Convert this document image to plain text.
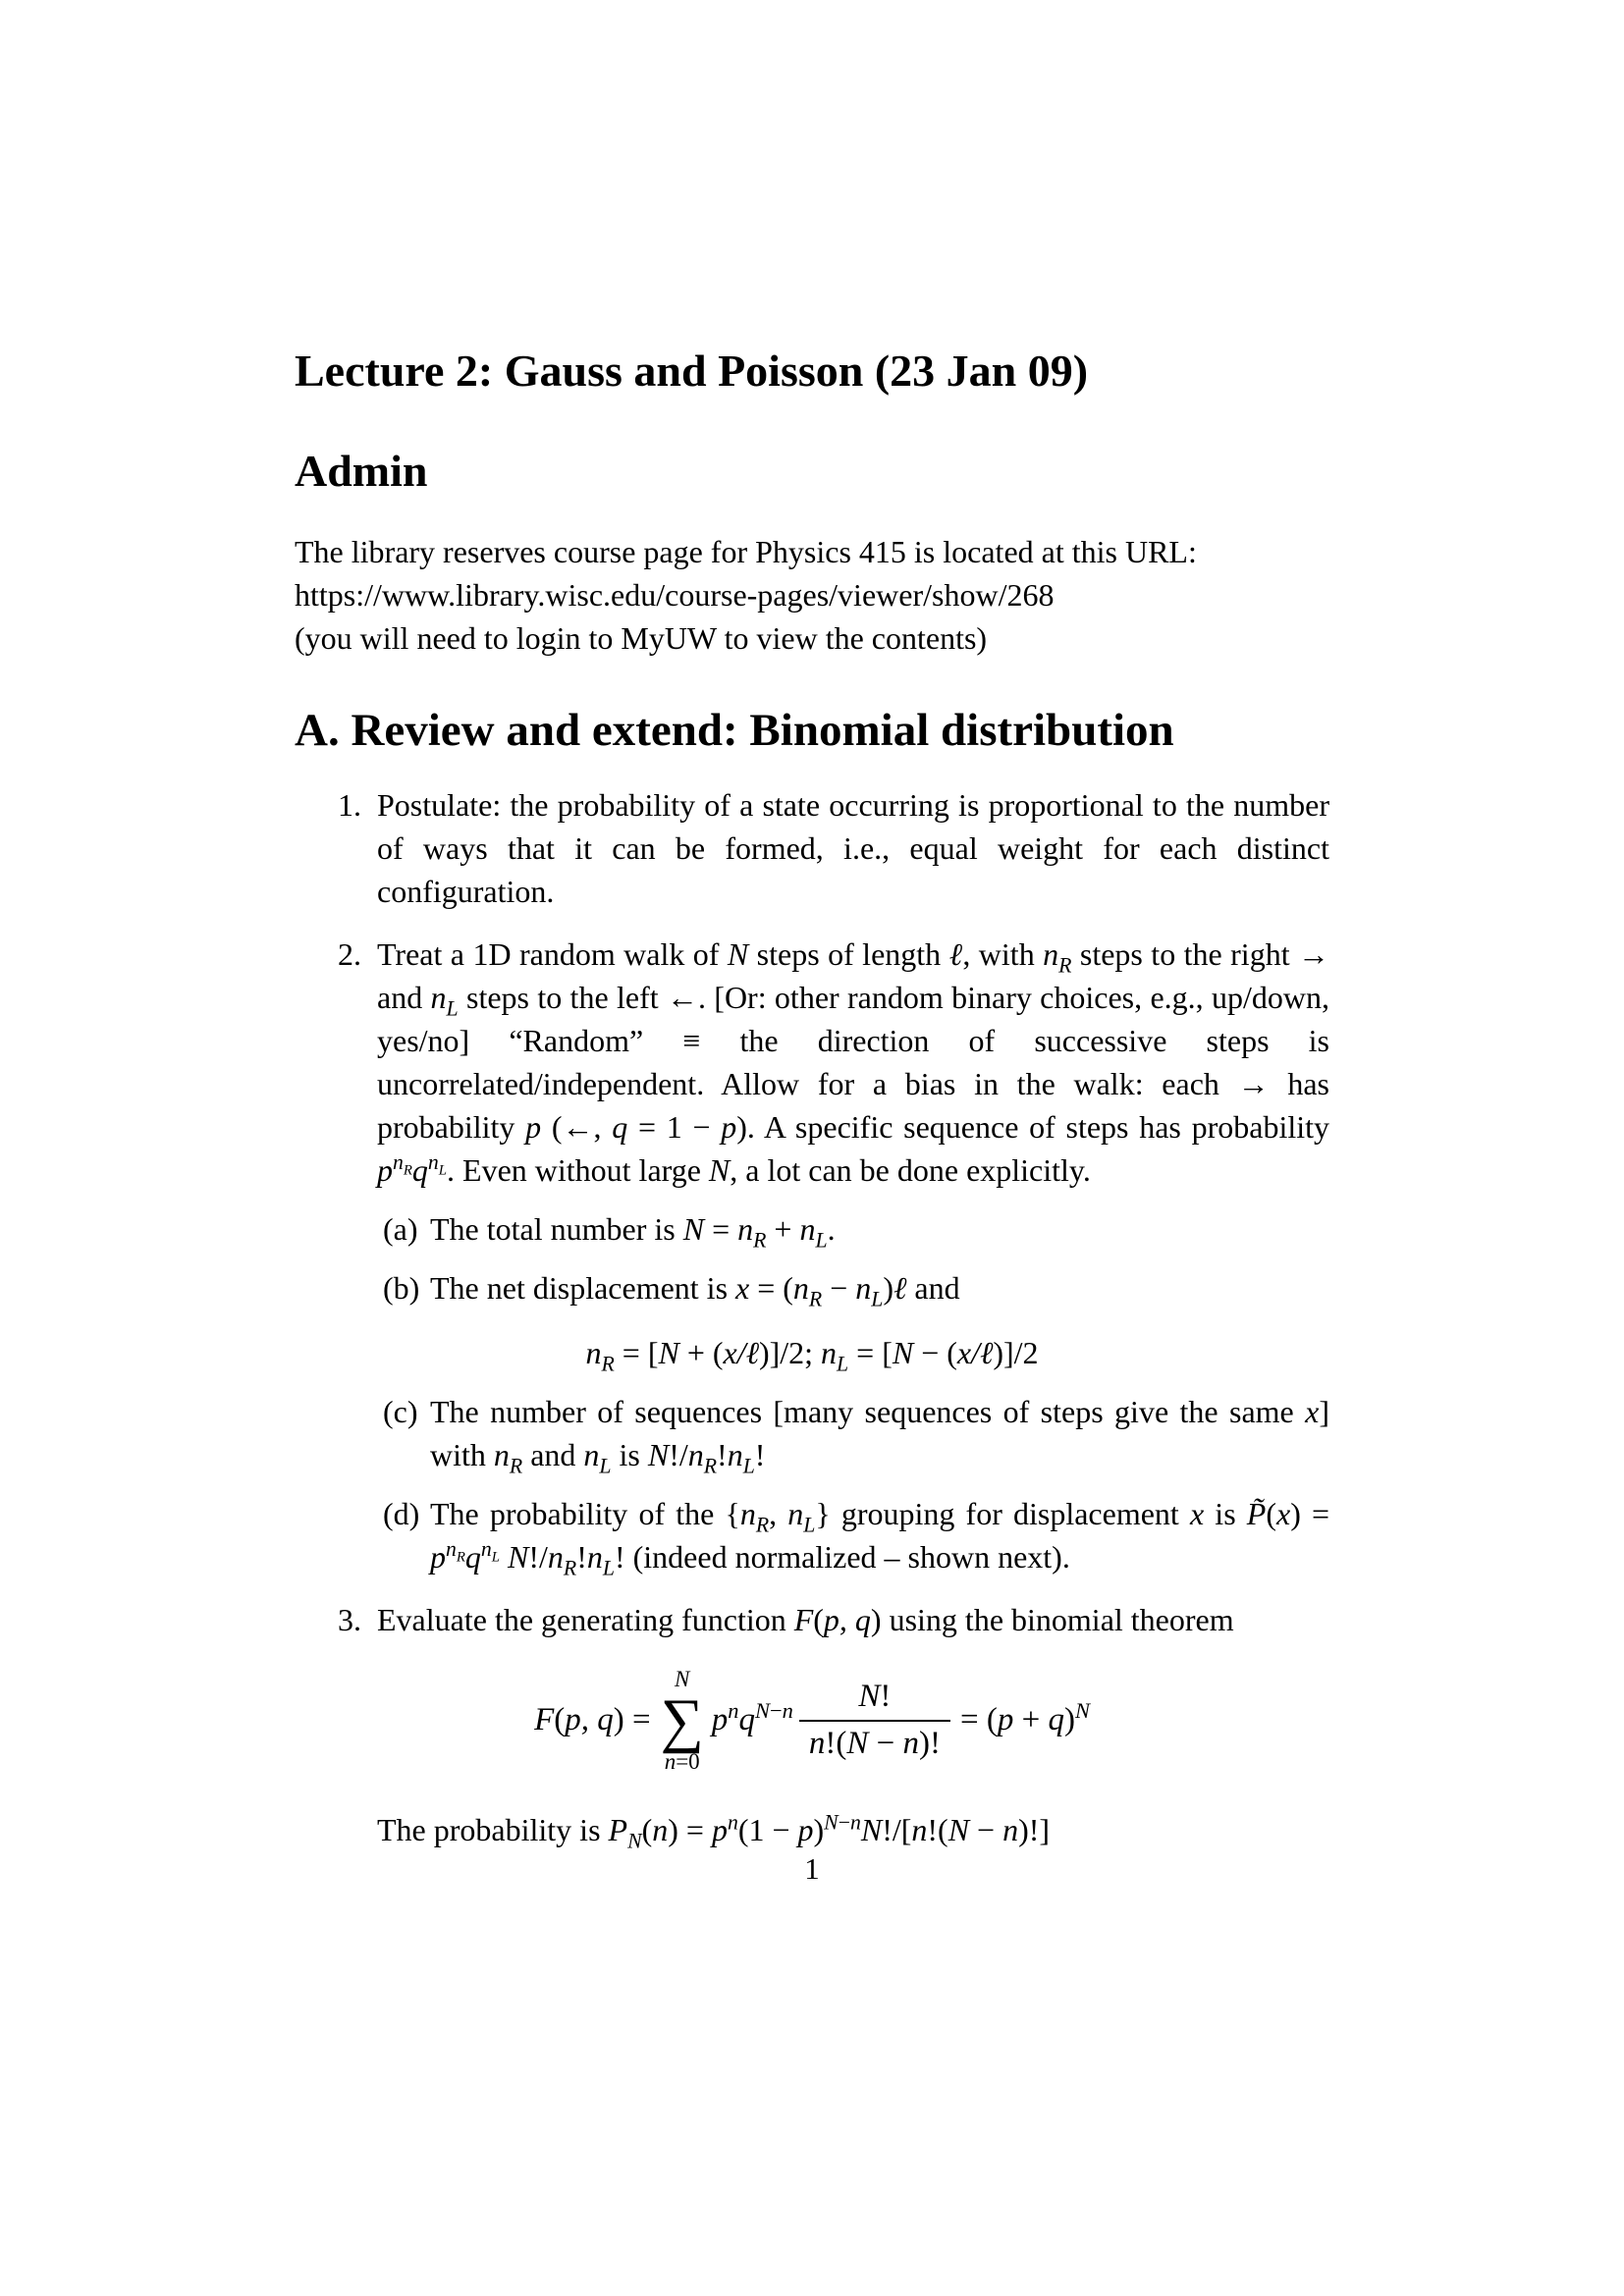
Lecture 2: Gauss and Poisson (23 Jan 09)
Admin
The library reserves course page for Physics 415 is located at this URL:
https://www.library.wisc.edu/course-pages/viewer/show/268
(you will need to login to MyUW to view the contents)
A. Review and extend: Binomial distribution
1. Postulate: the probability of a state occurring is proportional to the number of ways that it can be formed, i.e., equal weight for each distinct configuration.
2. Treat a 1D random walk of N steps of length ℓ, with $n_R$ steps to the right → and $n_L$ steps to the left ←. [Or: other random binary choices, e.g., up/down, yes/no] “Random” ≡ the direction of successive steps is uncorrelated/independent. Allow for a bias in the walk: each → has probability p (←, q = 1 − p). A specific sequence of steps has probability $p^{n_R}q^{n_L}$. Even without large N, a lot can be done explicitly.
(a) The total number is $N = n_R + n_L$.
(b) The net displacement is $x = (n_R$ − $n_L)\ell$ and
$n_R = [N$ + (x/ℓ)]/2; $n_L = [N$ − (x/ℓ)]/2
(c) The number of sequences [many sequences of steps give the same x] with $n_R$ and $n_L$ is $N!/n_R!n_L$!
(d) The probability of the {$n_R$, $n_L$} grouping for displacement x is P̃(x) = $p^{n_R}q^{n_L}$ $N!/n_R!n_L$! (indeed normalized – shown next).
3. Evaluate the generating function F(p, q) using the binomial theorem
F(p, q) =
N
∑
n=0
$p^nq^{N-n} \frac{N!}{n!(N - n)!} = (p + q)^N$
The probability is $P_N(n) = p^n(1 - p)^{N-n}N!/[n!(N - n)!]$
1
